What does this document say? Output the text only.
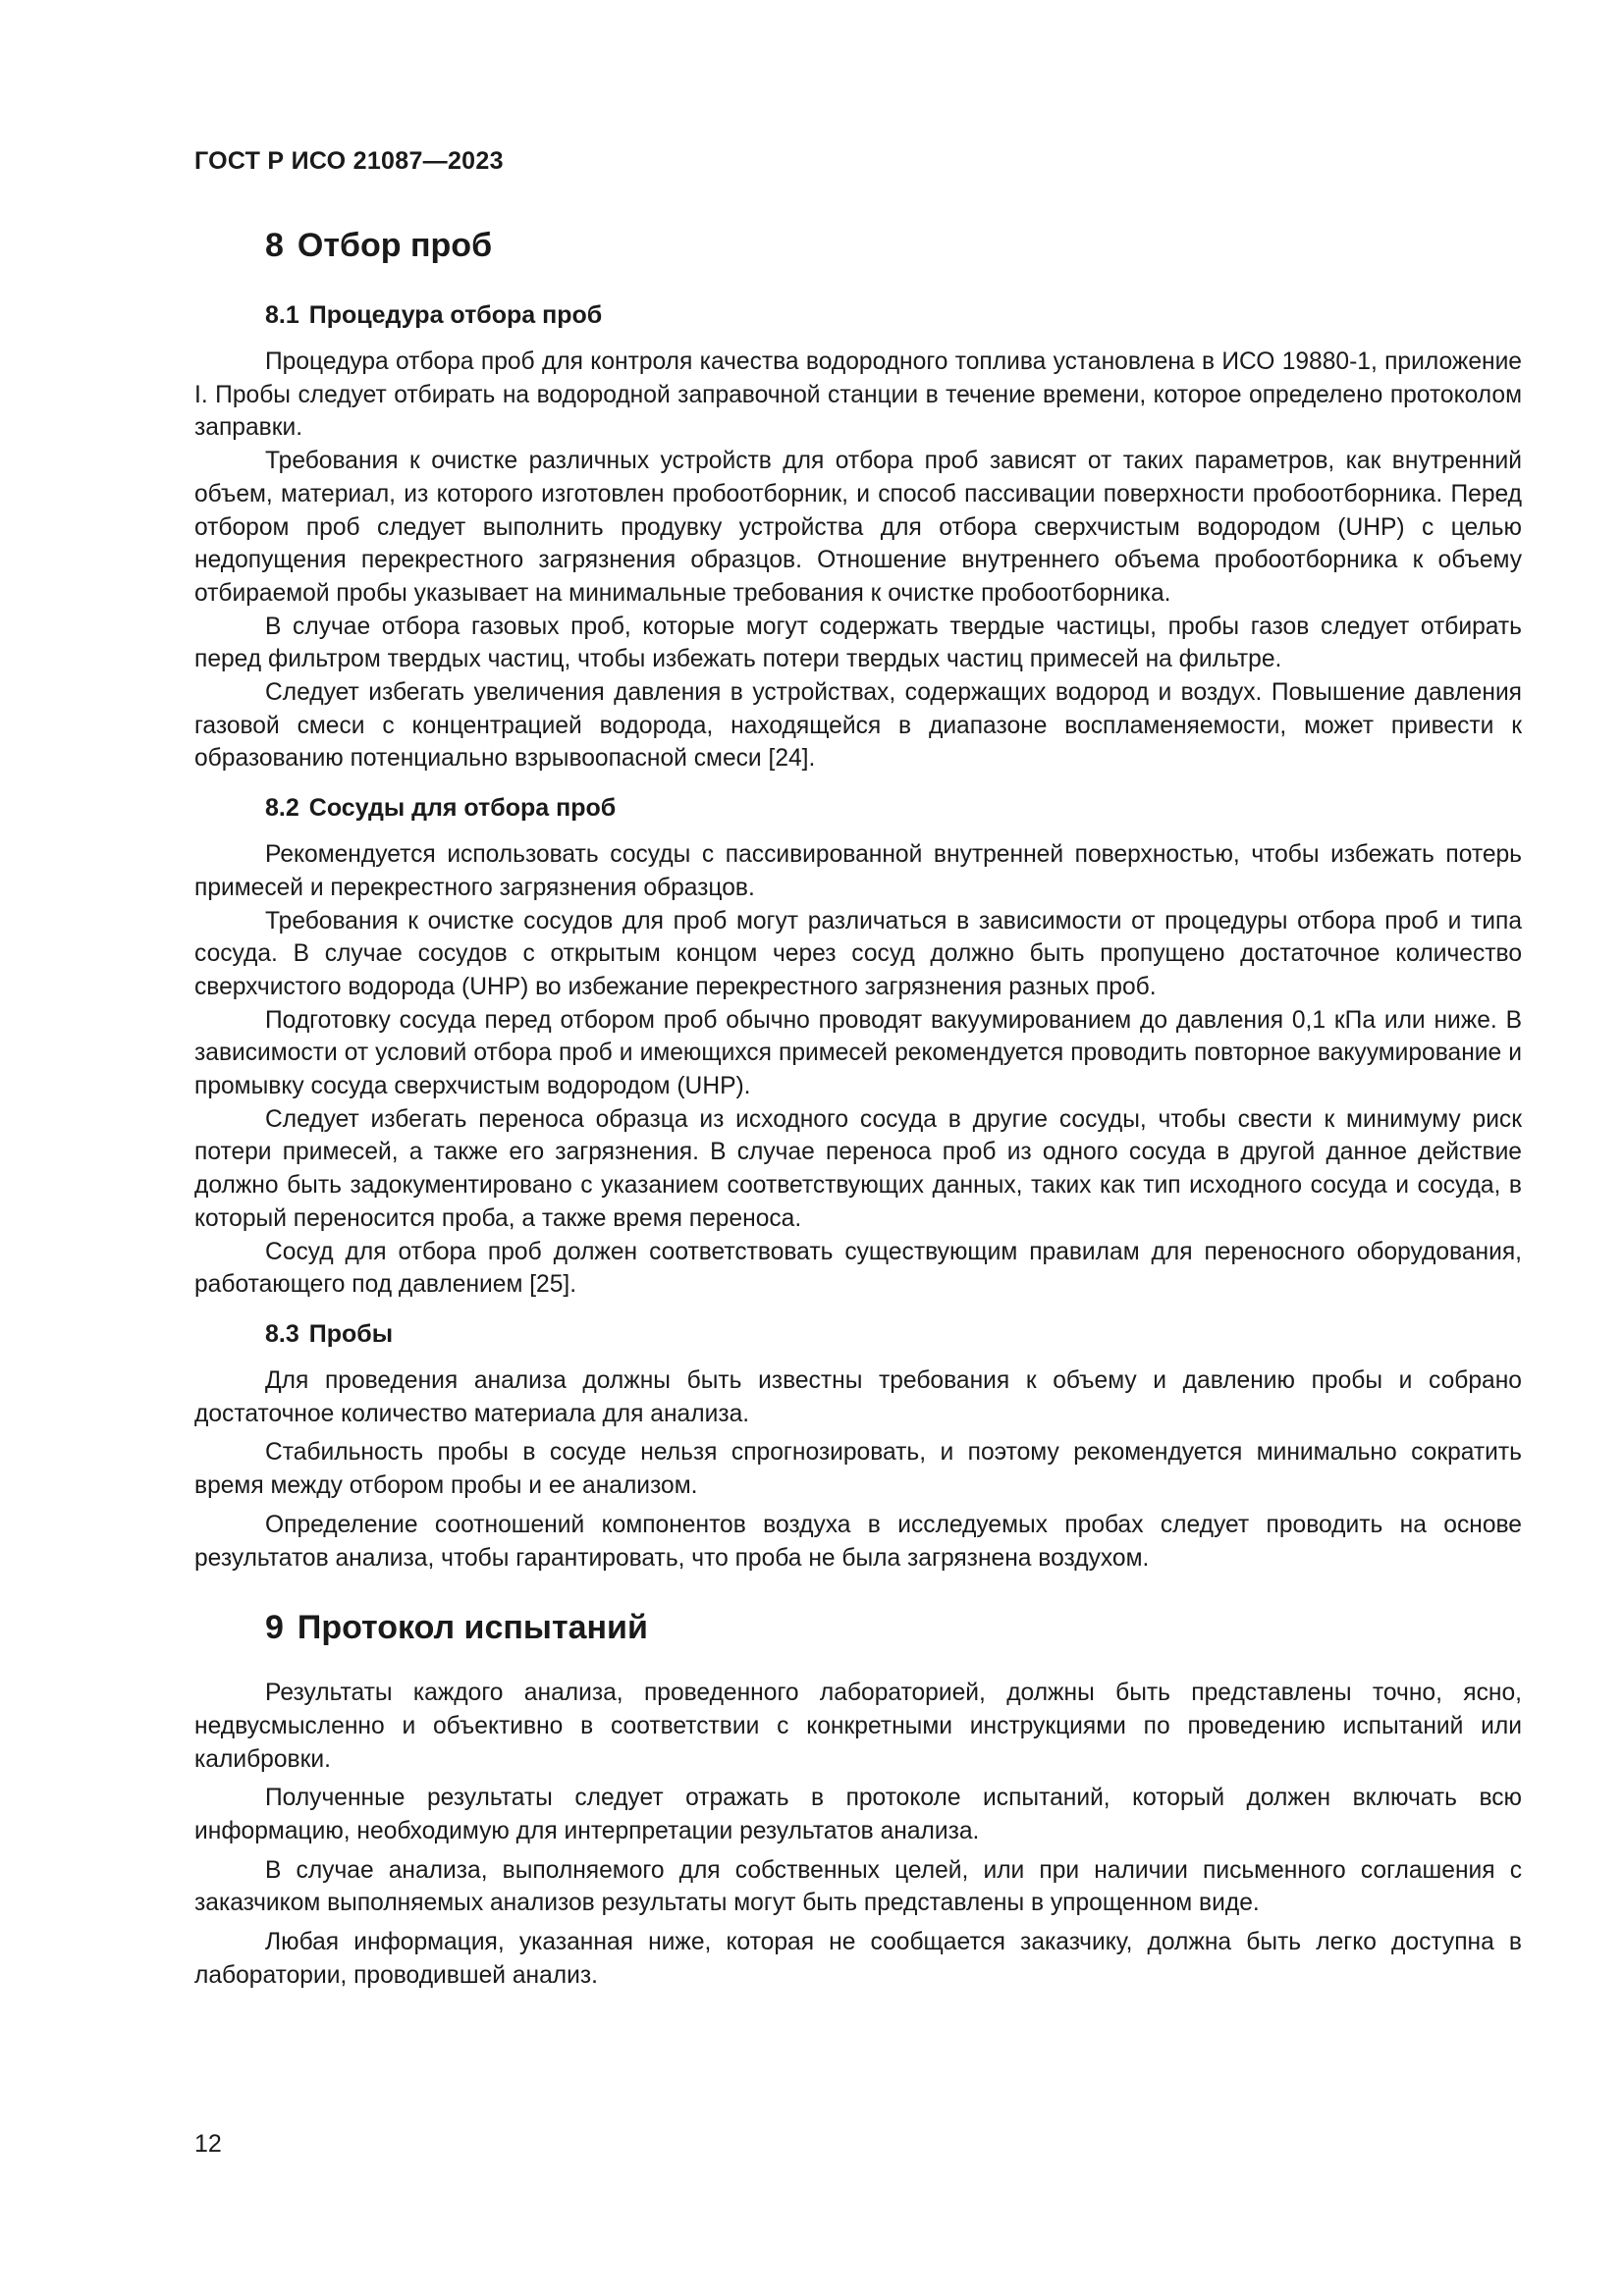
ГОСТ Р ИСО 21087—2023
8 Отбор проб
8.1 Процедура отбора проб

Процедура отбора проб для контроля качества водородного топлива установлена в ИСО 19880-1, приложение I. Пробы следует отбирать на водородной заправочной станции в течение времени, которое определено протоколом заправки.

Требования к очистке различных устройств для отбора проб зависят от таких параметров, как внутренний объем, материал, из которого изготовлен пробоотборник, и способ пассивации поверхности пробоотборника. Перед отбором проб следует выполнить продувку устройства для отбора сверхчистым водородом (UHP) с целью недопущения перекрестного загрязнения образцов. Отношение внутреннего объема пробоотборника к объему отбираемой пробы указывает на минимальные требования к очистке пробоотборника.

В случае отбора газовых проб, которые могут содержать твердые частицы, пробы газов следует отбирать перед фильтром твердых частиц, чтобы избежать потери твердых частиц примесей на фильтре.

Следует избегать увеличения давления в устройствах, содержащих водород и воздух. Повышение давления газовой смеси с концентрацией водорода, находящейся в диапазоне воспламеняемости, может привести к образованию потенциально взрывоопасной смеси [24].

8.2 Сосуды для отбора проб

Рекомендуется использовать сосуды с пассивированной внутренней поверхностью, чтобы избежать потерь примесей и перекрестного загрязнения образцов.

Требования к очистке сосудов для проб могут различаться в зависимости от процедуры отбора проб и типа сосуда. В случае сосудов с открытым концом через сосуд должно быть пропущено достаточное количество сверхчистого водорода (UHP) во избежание перекрестного загрязнения разных проб.

Подготовку сосуда перед отбором проб обычно проводят вакуумированием до давления 0,1 кПа или ниже. В зависимости от условий отбора проб и имеющихся примесей рекомендуется проводить повторное вакуумирование и промывку сосуда сверхчистым водородом (UHP).

Следует избегать переноса образца из исходного сосуда в другие сосуды, чтобы свести к минимуму риск потери примесей, а также его загрязнения. В случае переноса проб из одного сосуда в другой данное действие должно быть задокументировано с указанием соответствующих данных, таких как тип исходного сосуда и сосуда, в который переносится проба, а также время переноса.

Сосуд для отбора проб должен соответствовать существующим правилам для переносного оборудования, работающего под давлением [25].

8.3 Пробы

Для проведения анализа должны быть известны требования к объему и давлению пробы и собрано достаточное количество материала для анализа.

Стабильность пробы в сосуде нельзя спрогнозировать, и поэтому рекомендуется минимально сократить время между отбором пробы и ее анализом.

Определение соотношений компонентов воздуха в исследуемых пробах следует проводить на основе результатов анализа, чтобы гарантировать, что проба не была загрязнена воздухом.

9 Протокол испытаний

Результаты каждого анализа, проведенного лабораторией, должны быть представлены точно, ясно, недвусмысленно и объективно в соответствии с конкретными инструкциями по проведению испытаний или калибровки.

Полученные результаты следует отражать в протоколе испытаний, который должен включать всю информацию, необходимую для интерпретации результатов анализа.

В случае анализа, выполняемого для собственных целей, или при наличии письменного соглашения с заказчиком выполняемых анализов результаты могут быть представлены в упрощенном виде.

Любая информация, указанная ниже, которая не сообщается заказчику, должна быть легко доступна в лаборатории, проводившей анализ.

12
